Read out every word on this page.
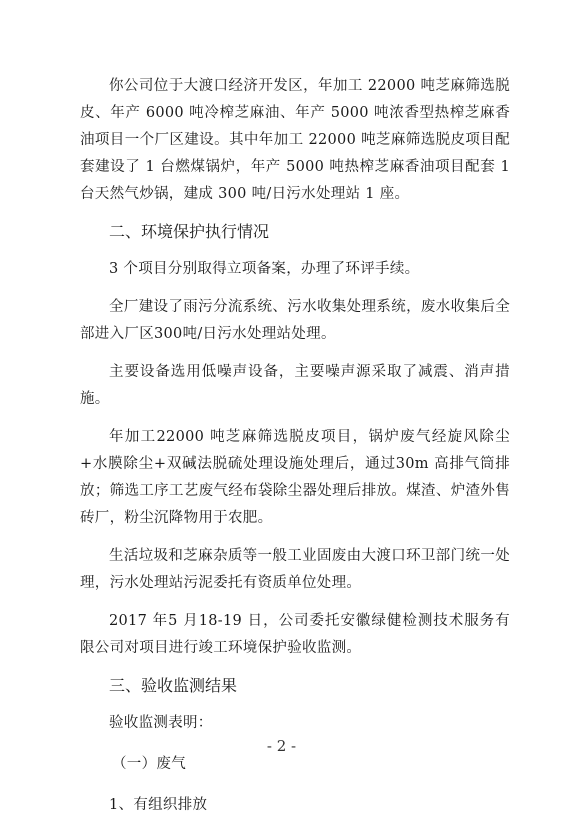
你公司位于大渡口经济开发区，年加工 22000 吨芝麻筛选脱皮、年产 6000 吨冷榨芝麻油、年产 5000 吨浓香型热榨芝麻香油项目一个厂区建设。其中年加工 22000 吨芝麻筛选脱皮项目配套建设了 1 台燃煤锅炉，年产 5000 吨热榨芝麻香油项目配套 1 台天然气炒锅，建成 300 吨/日污水处理站 1 座。

二、环境保护执行情况

3 个项目分别取得立项备案，办理了环评手续。

全厂建设了雨污分流系统、污水收集处理系统，废水收集后全部进入厂区300吨/日污水处理站处理。

主要设备选用低噪声设备，主要噪声源采取了减震、消声措施。

年加工22000 吨芝麻筛选脱皮项目，锅炉废气经旋风除尘+水膜除尘+双碱法脱硫处理设施处理后，通过30m 高排气筒排放；筛选工序工艺废气经布袋除尘器处理后排放。煤渣、炉渣外售砖厂，粉尘沉降物用于农肥。

生活垃圾和芝麻杂质等一般工业固废由大渡口环卫部门统一处理，污水处理站污泥委托有资质单位处理。

2017 年5 月18-19 日，公司委托安徽绿健检测技术服务有限公司对项目进行竣工环境保护验收监测。

三、验收监测结果

验收监测表明：

（一）废气

1、有组织排放

- 2 -
